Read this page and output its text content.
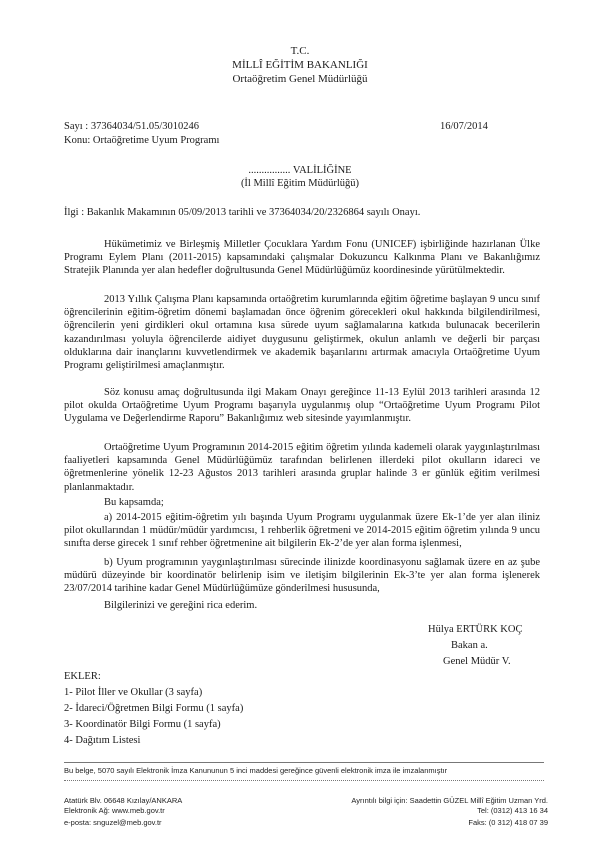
T.C.
MİLLÎ EĞİTİM BAKANLIĞI
Ortaöğretim Genel Müdürlüğü
Sayı : 37364034/51.05/3010246	16/07/2014
Konu: Ortaöğretime Uyum Programı
................ VALİLİĞİNE
(İl Millî Eğitim Müdürlüğü)
İlgi : Bakanlık Makamının 05/09/2013 tarihli ve 37364034/20/2326864 sayılı Onayı.
Hükümetimiz ve Birleşmiş Milletler Çocuklara Yardım Fonu (UNICEF) işbirliğinde hazırlanan Ülke Programı Eylem Planı (2011-2015) kapsamındaki çalışmalar Dokuzuncu Kalkınma Planı ve Bakanlığımız Stratejik Planında yer alan hedefler doğrultusunda Genel Müdürlüğümüz koordinesinde yürütülmektedir.
2013 Yıllık Çalışma Planı kapsamında ortaöğretim kurumlarında eğitim öğretime başlayan 9 uncu sınıf öğrencilerinin eğitim-öğretim dönemi başlamadan önce öğrenim görecekleri okul hakkında bilgilendirilmesi, öğrencilerin yeni girdikleri okul ortamına kısa sürede uyum sağlamalarına katkıda bulunacak becerilerin kazandırılması yoluyla öğrencilerde aidiyet duygusunu geliştirmek, okulun anlamlı ve değerli bir parçası olduklarına dair inançlarını kuvvetlendirmek ve akademik başarılarını artırmak amacıyla Ortaöğretime Uyum Programı geliştirilmesi amaçlanmıştır.
Söz konusu amaç doğrultusunda ilgi Makam Onayı gereğince 11-13 Eylül 2013 tarihleri arasında 12 pilot okulda Ortaöğretime Uyum Programı başarıyla uygulanmış olup “Ortaöğretime Uyum Programı Pilot Uygulama ve Değerlendirme Raporu” Bakanlığımız web sitesinde yayımlanmıştır.
Ortaöğretime Uyum Programının 2014-2015 eğitim öğretim yılında kademeli olarak yaygınlaştırılması faaliyetleri kapsamında Genel Müdürlüğümüz tarafından belirlenen illerdeki pilot okulların idareci ve öğretmenlerine yönelik 12-23 Ağustos 2013 tarihleri arasında gruplar halinde 3 er günlük eğitim verilmesi planlanmaktadır.
Bu kapsamda;
a) 2014-2015 eğitim-öğretim yılı başında Uyum Programı uygulanmak üzere Ek-1’de yer alan iliniz pilot okullarından 1 müdür/müdür yardımcısı, 1 rehberlik öğretmeni ve 2014-2015 eğitim öğretim yılında 9 uncu sınıfta derse girecek 1 sınıf rehber öğretmenine ait bilgilerin Ek-2’de yer alan forma işlenmesi,
b) Uyum programının yaygınlaştırılması sürecinde ilinizde koordinasyonu sağlamak üzere en az şube müdürü düzeyinde bir koordinatör belirlenip isim ve iletişim bilgilerinin Ek-3’te yer alan forma işlenerek 23/07/2014 tarihine kadar Genel Müdürlüğümüze gönderilmesi hususunda,
Bilgilerinizi ve gereğini rica ederim.
Hülya ERTÜRK KOÇ
Bakan a.
Genel Müdür V.
EKLER:
1- Pilot İller ve Okullar (3 sayfa)
2- İdareci/Öğretmen Bilgi Formu (1 sayfa)
3- Koordinatör Bilgi Formu (1 sayfa)
4- Dağıtım Listesi
Bu belge, 5070 sayılı Elektronik İmza Kanununun 5 inci maddesi gereğince güvenli elektronik imza ile imzalanmıştır
Atatürk Blv. 06648 Kızılay/ANKARA
Elektronik Ağ: www.meb.gov.tr
e-posta: snguzel@meb.gov.tr
Ayrıntılı bilgi için: Saadettin GÜZEL Millî Eğitim Uzman Yrd.
Tel: (0312) 413 16 34
Faks: (0 312) 418 07 39
